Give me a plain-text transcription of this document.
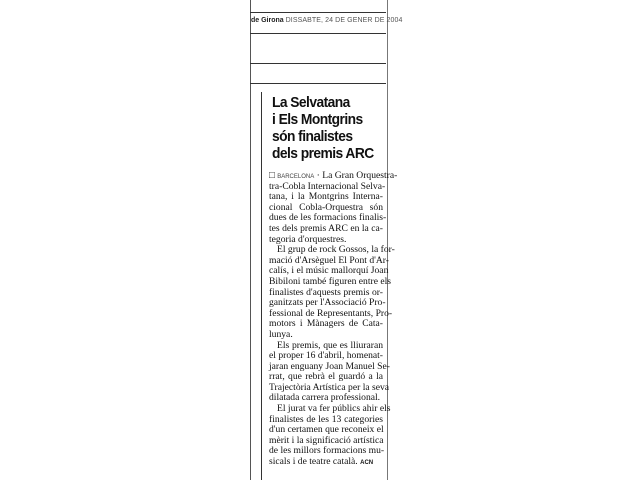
de Girona DISSABTE, 24 DE GENER DE 2004
La Selvatana
i Els Montgrins
són finalistes
dels premis ARC
□ BARCELONA · La Gran Orquestra-
tra-Cobla Internacional Selva-
tana, i la Montgrins Interna-
cional Cobla-Orquestra són
dues de les formacions finalis-
tes dels premis ARC en la ca-
tegoria d'orquestres.
El grup de rock Gossos, la for-
mació d'Arsèguel El Pont d'Ar-
calís, i el músic mallorquí Joan
Bibiloni també figuren entre els
finalistes d'aquests premis or-
ganitzats per l'Associació Pro-
fessional de Representants, Pro-
motors i Mànagers de Cata-
lunya.
Els premis, que es lliuraran
el proper 16 d'abril, homenat-
jaran enguany Joan Manuel Se-
rrat, que rebrà el guardó a la
Trajectòria Artística per la seva
dilatada carrera professional.
El jurat va fer públics ahir els
finalistes de les 13 categories
d'un certamen que reconeix el
mèrit i la significació artística
de les millors formacions mu-
sicals i de teatre català. ACN
